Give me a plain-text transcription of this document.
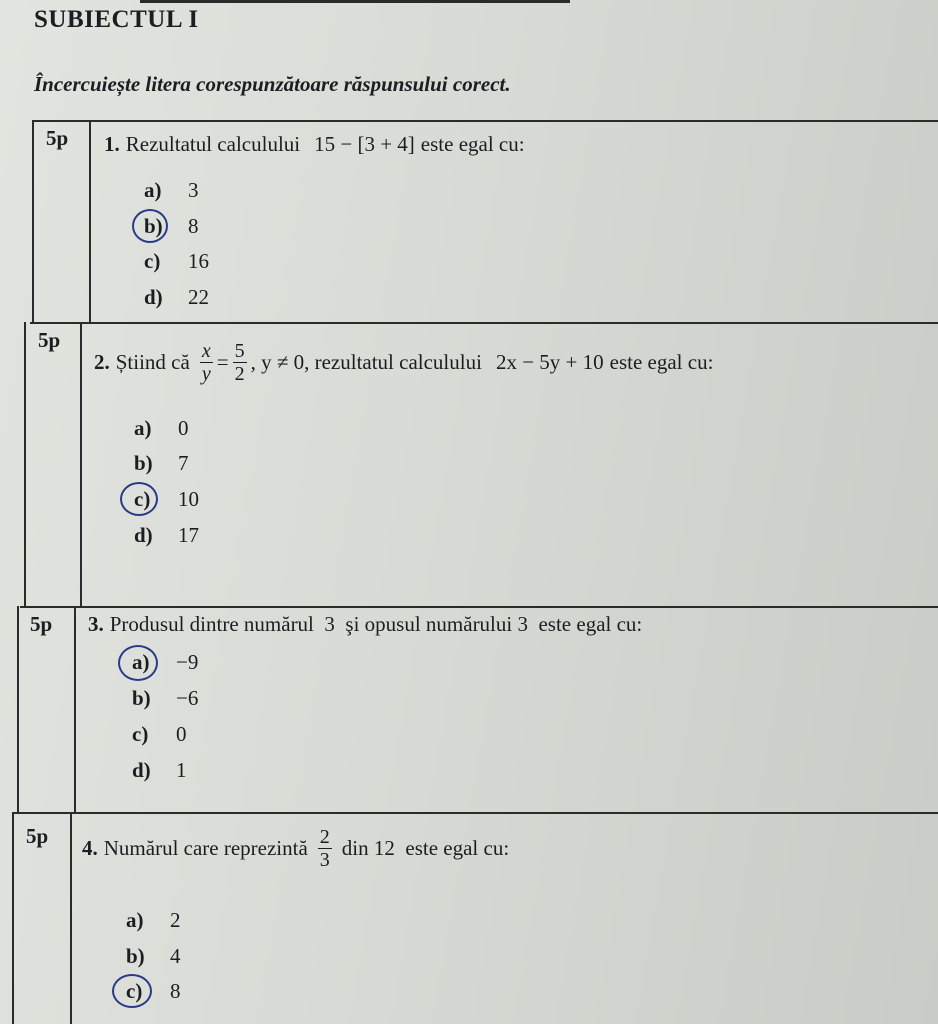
SUBIECTUL I
Încercuiește litera corespunzătoare răspunsului corect.
5p 1. Rezultatul calculului 15 − [3 + 4] este egal cu:
a) 3
b) 8
c) 16
d) 22
5p
2. Știind că $\frac{x}{y} = \frac{5}{2}$ , y ≠ 0 , rezultatul calculului 2x − 5y + 10 este egal cu:
a) 0
b) 7
c) 10
d) 17
5p 3. Produsul dintre numărul  3  şi opusul numărului 3  este egal cu:
a) −9
b) −6
c) 0
d) 1
5p 4. Numărul care reprezintă $\frac{2}{3}$ din 12  este egal cu:
a) 2
b) 4
c) 8
